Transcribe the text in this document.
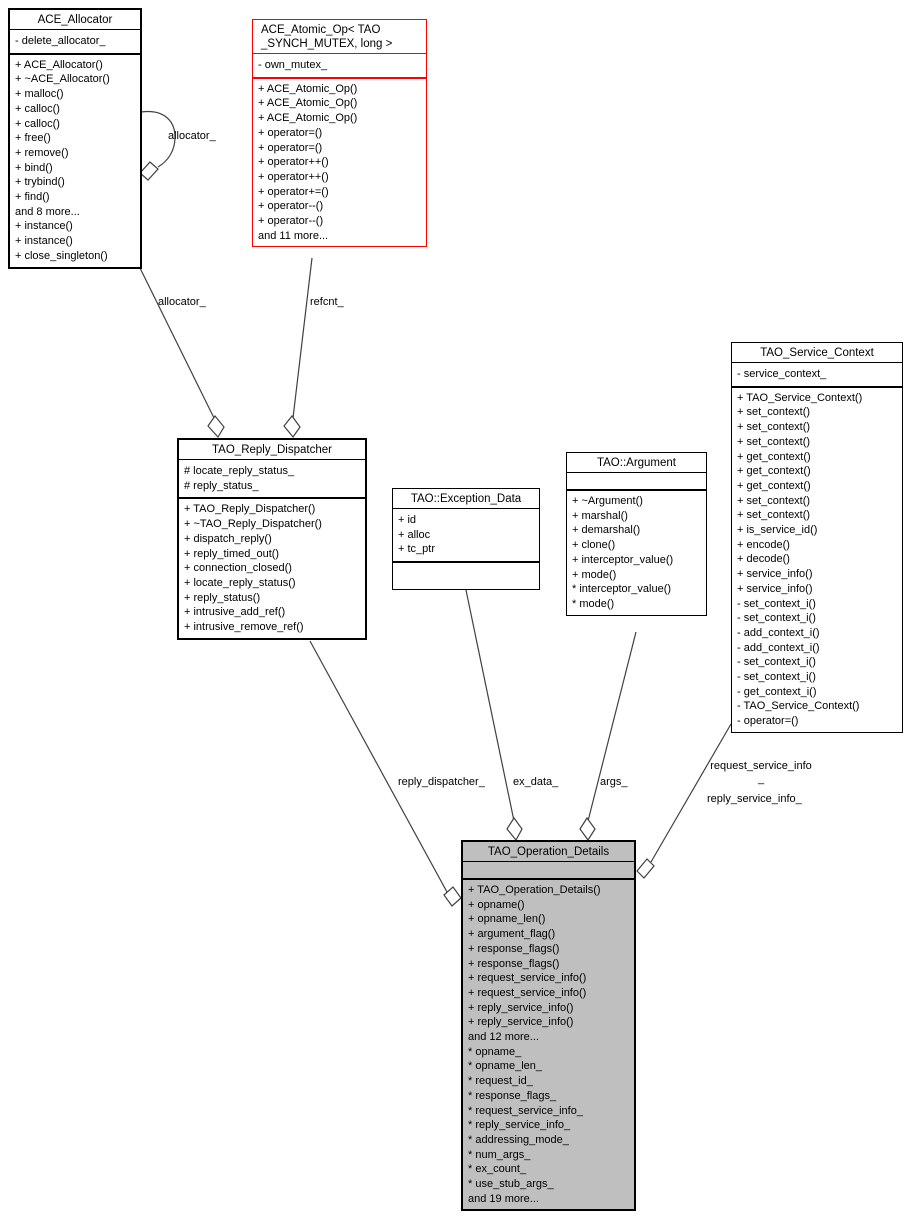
ACE_Allocator
- delete_allocator_
+ ACE_Allocator()
+ ~ACE_Allocator()
+ malloc()
+ calloc()
+ calloc()
+ free()
+ remove()
+ bind()
+ trybind()
+ find()
and 8 more...
+ instance()
+ instance()
+ close_singleton()
ACE_Atomic_Op< TAO
_SYNCH_MUTEX, long >
- own_mutex_
+ ACE_Atomic_Op()
+ ACE_Atomic_Op()
+ ACE_Atomic_Op()
+ operator=()
+ operator=()
+ operator++()
+ operator++()
+ operator+=()
+ operator--()
+ operator--()
and 11 more...
TAO_Reply_Dispatcher
# locate_reply_status_
# reply_status_
+ TAO_Reply_Dispatcher()
+ ~TAO_Reply_Dispatcher()
+ dispatch_reply()
+ reply_timed_out()
+ connection_closed()
+ locate_reply_status()
+ reply_status()
+ intrusive_add_ref()
+ intrusive_remove_ref()
TAO::Exception_Data
+ id
+ alloc
+ tc_ptr
TAO::Argument
+ ~Argument()
+ marshal()
+ demarshal()
+ clone()
+ interceptor_value()
+ mode()
* interceptor_value()
* mode()
TAO_Service_Context
- service_context_
+ TAO_Service_Context()
+ set_context()
+ set_context()
+ set_context()
+ get_context()
+ get_context()
+ get_context()
+ set_context()
+ set_context()
+ is_service_id()
+ encode()
+ decode()
+ service_info()
+ service_info()
- set_context_i()
- set_context_i()
- add_context_i()
- add_context_i()
- set_context_i()
- set_context_i()
- get_context_i()
- TAO_Service_Context()
- operator=()
TAO_Operation_Details
+ TAO_Operation_Details()
+ opname()
+ opname_len()
+ argument_flag()
+ response_flags()
+ response_flags()
+ request_service_info()
+ request_service_info()
+ reply_service_info()
+ reply_service_info()
and 12 more...
* opname_
* opname_len_
* request_id_
* response_flags_
* request_service_info_
* reply_service_info_
* addressing_mode_
* num_args_
* ex_count_
* use_stub_args_
and 19 more...
allocator_
allocator_	refcnt_
reply_dispatcher_	ex_data_	args_
request_service_info
_
reply_service_info_
